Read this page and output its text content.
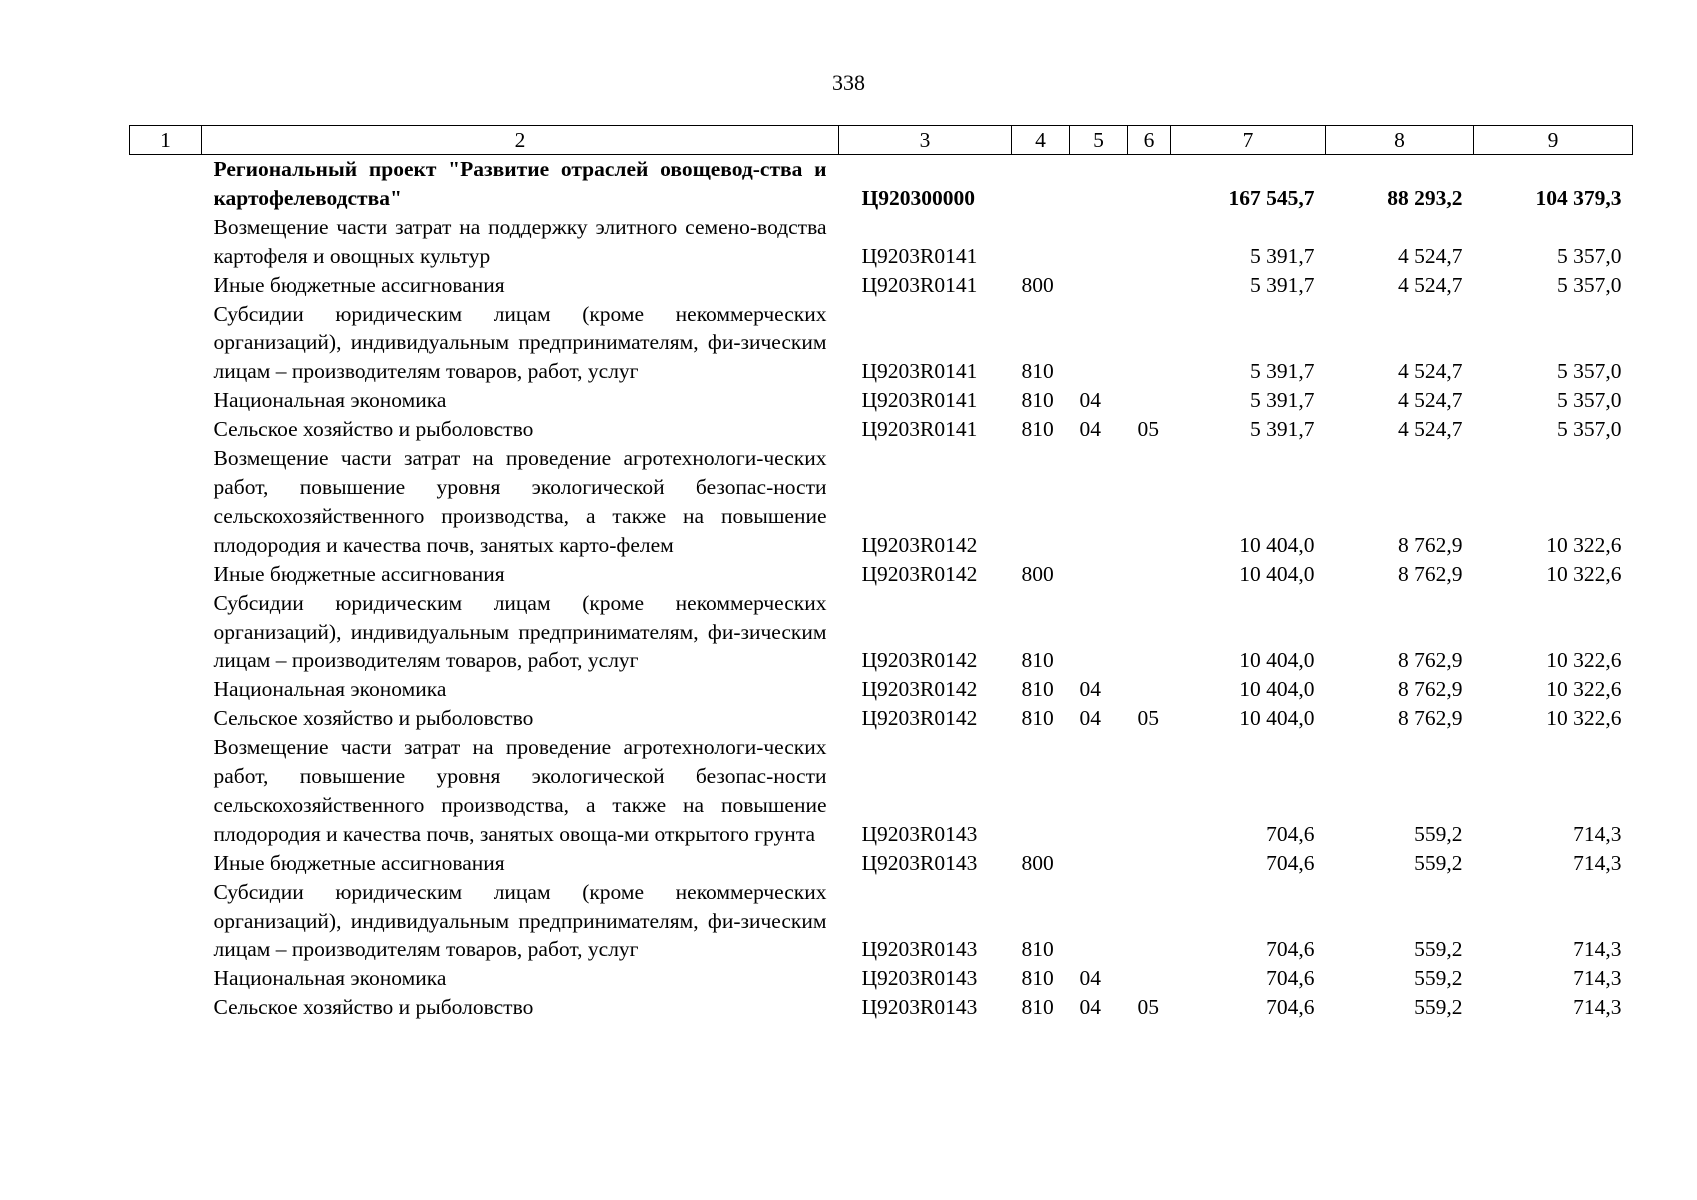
338
1	2	3	4	5	6	7	8	9
	Региональный проект "Развитие отраслей овощевод-ства и картофелеводства"	Ц920300000				167 545,7	88 293,2	104 379,3
	Возмещение части затрат на поддержку элитного семено-водства картофеля и овощных культур	Ц9203R0141				5 391,7	4 524,7	5 357,0
	Иные бюджетные ассигнования	Ц9203R0141	800			5 391,7	4 524,7	5 357,0
	Субсидии юридическим лицам (кроме некоммерческих организаций), индивидуальным предпринимателям, фи-зическим лицам – производителям товаров, работ, услуг	Ц9203R0141	810			5 391,7	4 524,7	5 357,0
	Национальная экономика	Ц9203R0141	810	04		5 391,7	4 524,7	5 357,0
	Сельское хозяйство и рыболовство	Ц9203R0141	810	04	05	5 391,7	4 524,7	5 357,0
	Возмещение части затрат на проведение агротехнологи-ческих работ, повышение уровня экологической безопас-ности сельскохозяйственного производства, а также на повышение плодородия и качества почв, занятых карто-фелем	Ц9203R0142				10 404,0	8 762,9	10 322,6
	Иные бюджетные ассигнования	Ц9203R0142	800			10 404,0	8 762,9	10 322,6
	Субсидии юридическим лицам (кроме некоммерческих организаций), индивидуальным предпринимателям, фи-зическим лицам – производителям товаров, работ, услуг	Ц9203R0142	810			10 404,0	8 762,9	10 322,6
	Национальная экономика	Ц9203R0142	810	04		10 404,0	8 762,9	10 322,6
	Сельское хозяйство и рыболовство	Ц9203R0142	810	04	05	10 404,0	8 762,9	10 322,6
	Возмещение части затрат на проведение агротехнологи-ческих работ, повышение уровня экологической безопас-ности сельскохозяйственного производства, а также на повышение плодородия и качества почв, занятых овоща-ми открытого грунта	Ц9203R0143				704,6	559,2	714,3
	Иные бюджетные ассигнования	Ц9203R0143	800			704,6	559,2	714,3
	Субсидии юридическим лицам (кроме некоммерческих организаций), индивидуальным предпринимателям, фи-зическим лицам – производителям товаров, работ, услуг	Ц9203R0143	810			704,6	559,2	714,3
	Национальная экономика	Ц9203R0143	810	04		704,6	559,2	714,3
	Сельское хозяйство и рыболовство	Ц9203R0143	810	04	05	704,6	559,2	714,3
